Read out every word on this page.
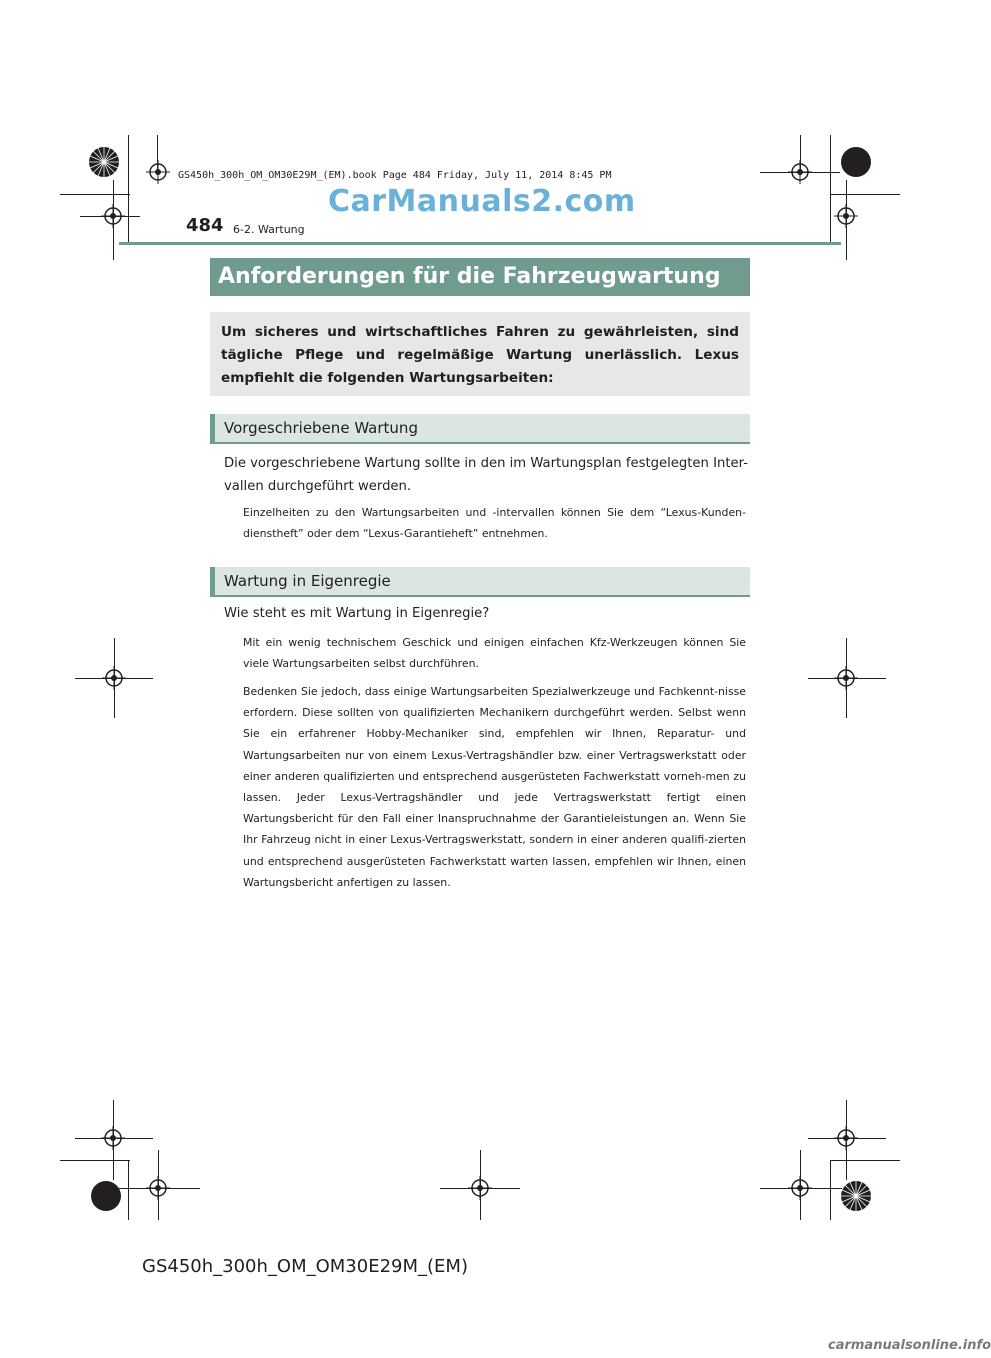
GS450h_300h_OM_OM30E29M_(EM).book Page 484 Friday, July 11, 2014 8:45 PM
CarManuals2.com
484 6-2. Wartung
Anforderungen für die Fahrzeugwartung
Um sicheres und wirtschaftliches Fahren zu gewährleisten, sind tägliche Pflege und regelmäßige Wartung unerlässlich. Lexus empfiehlt die folgenden Wartungsarbeiten:
Vorgeschriebene Wartung
Die vorgeschriebene Wartung sollte in den im Wartungsplan festgelegten Inter-vallen durchgeführt werden.
Einzelheiten zu den Wartungsarbeiten und -intervallen können Sie dem “Lexus-Kunden-dienstheft” oder dem “Lexus-Garantieheft” entnehmen.
Wartung in Eigenregie
Wie steht es mit Wartung in Eigenregie?
Mit ein wenig technischem Geschick und einigen einfachen Kfz-Werkzeugen können Sie viele Wartungsarbeiten selbst durchführen.
Bedenken Sie jedoch, dass einige Wartungsarbeiten Spezialwerkzeuge und Fachkennt-nisse erfordern. Diese sollten von qualifizierten Mechanikern durchgeführt werden. Selbst wenn Sie ein erfahrener Hobby-Mechaniker sind, empfehlen wir Ihnen, Reparatur- und Wartungsarbeiten nur von einem Lexus-Vertragshändler bzw. einer Vertragswerkstatt oder einer anderen qualifizierten und entsprechend ausgerüsteten Fachwerkstatt vorneh-men zu lassen. Jeder Lexus-Vertragshändler und jede Vertragswerkstatt fertigt einen Wartungsbericht für den Fall einer Inanspruchnahme der Garantieleistungen an. Wenn Sie Ihr Fahrzeug nicht in einer Lexus-Vertragswerkstatt, sondern in einer anderen qualifi-zierten und entsprechend ausgerüsteten Fachwerkstatt warten lassen, empfehlen wir Ihnen, einen Wartungsbericht anfertigen zu lassen.
GS450h_300h_OM_OM30E29M_(EM)
carmanualsonline.info
